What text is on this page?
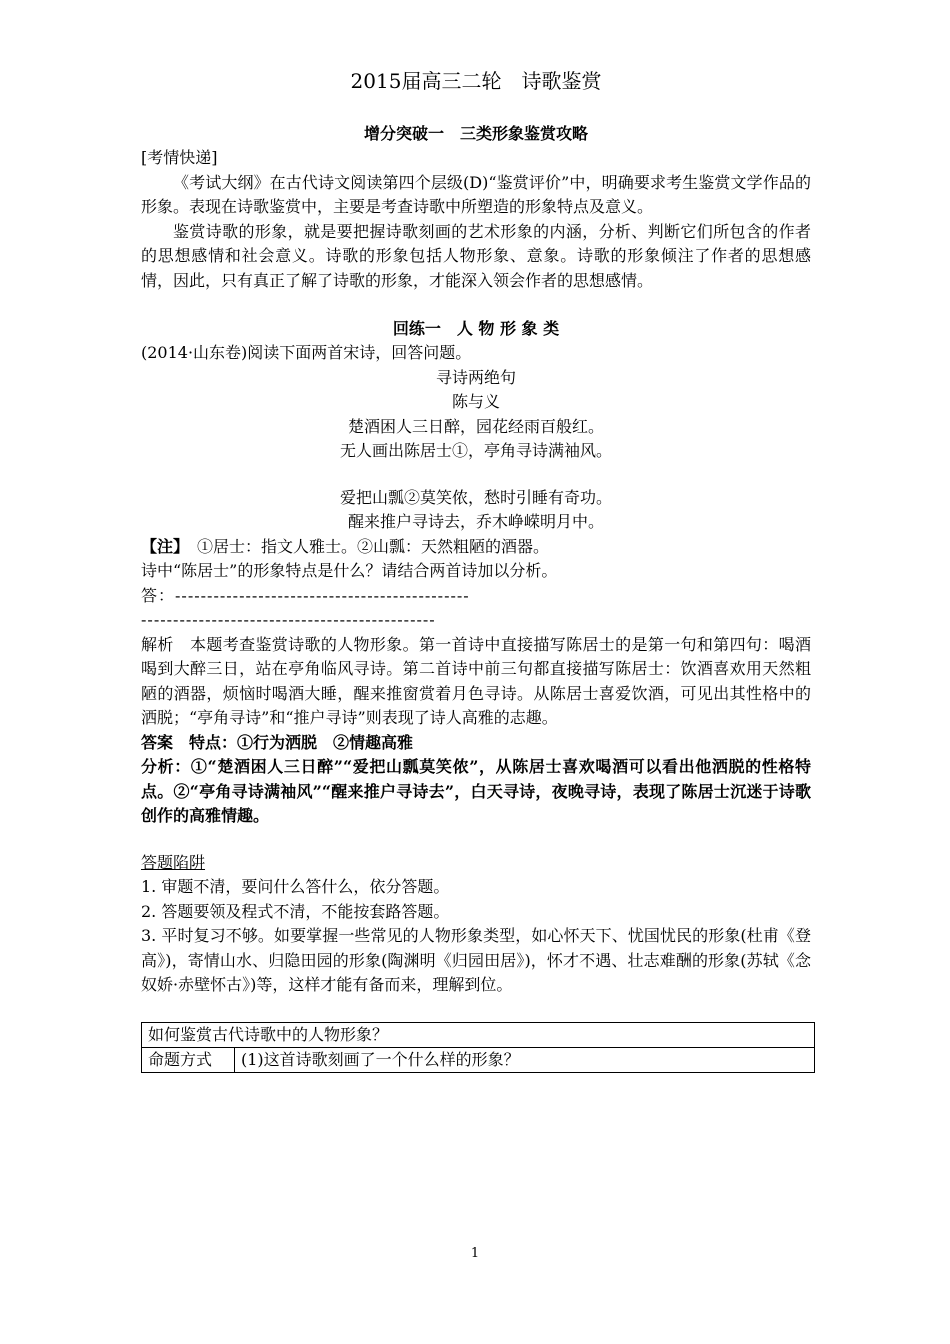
2015届高三二轮　诗歌鉴赏

增分突破一　三类形象鉴赏攻略

[考情快递]

《考试大纲》在古代诗文阅读第四个层级(D)“鉴赏评价”中，明确要求考生鉴赏文学作品的形象。表现在诗歌鉴赏中，主要是考查诗歌中所塑造的形象特点及意义。

鉴赏诗歌的形象，就是要把握诗歌刻画的艺术形象的内涵，分析、判断它们所包含的作者的思想感情和社会意义。诗歌的形象包括人物形象、意象。诗歌的形象倾注了作者的思想感情，因此，只有真正了解了诗歌的形象，才能深入领会作者的思想感情。

回练一　人 物 形 象 类

(2014·山东卷)阅读下面两首宋诗，回答问题。

寻诗两绝句

陈与义

楚酒困人三日醉，园花经雨百般红。

无人画出陈居士①，亭角寻诗满袖风。

爱把山瓢②莫笑侬，愁时引睡有奇功。

醒来推户寻诗去，乔木峥嵘明月中。

【注】　①居士：指文人雅士。②山瓢：天然粗陋的酒器。

诗中“陈居士”的形象特点是什么？请结合两首诗加以分析。

答：----------------------------------------------

----------------------------------------------

解析　本题考查鉴赏诗歌的人物形象。第一首诗中直接描写陈居士的是第一句和第四句：喝酒喝到大醉三日，站在亭角临风寻诗。第二首诗中前三句都直接描写陈居士：饮酒喜欢用天然粗陋的酒器，烦恼时喝酒大睡，醒来推窗赏着月色寻诗。从陈居士喜爱饮酒，可见出其性格中的洒脱；“亭角寻诗”和“推户寻诗”则表现了诗人高雅的志趣。

答案　特点：①行为洒脱　②情趣高雅

分析：①“楚酒困人三日醉”“爱把山瓢莫笑侬”，从陈居士喜欢喝酒可以看出他洒脱的性格特点。②“亭角寻诗满袖风”“醒来推户寻诗去”，白天寻诗，夜晚寻诗，表现了陈居士沉迷于诗歌创作的高雅情趣。

答题陷阱

1. 审题不清，要问什么答什么，依分答题。

2. 答题要领及程式不清，不能按套路答题。

3. 平时复习不够。如要掌握一些常见的人物形象类型，如心怀天下、忧国忧民的形象(杜甫《登高》)，寄情山水、归隐田园的形象(陶渊明《归园田居》)，怀才不遇、壮志难酬的形象(苏轼《念奴娇·赤壁怀古》)等，这样才能有备而来，理解到位。

如何鉴赏古代诗歌中的人物形象？
命题方式	(1)这首诗歌刻画了一个什么样的形象？
1
